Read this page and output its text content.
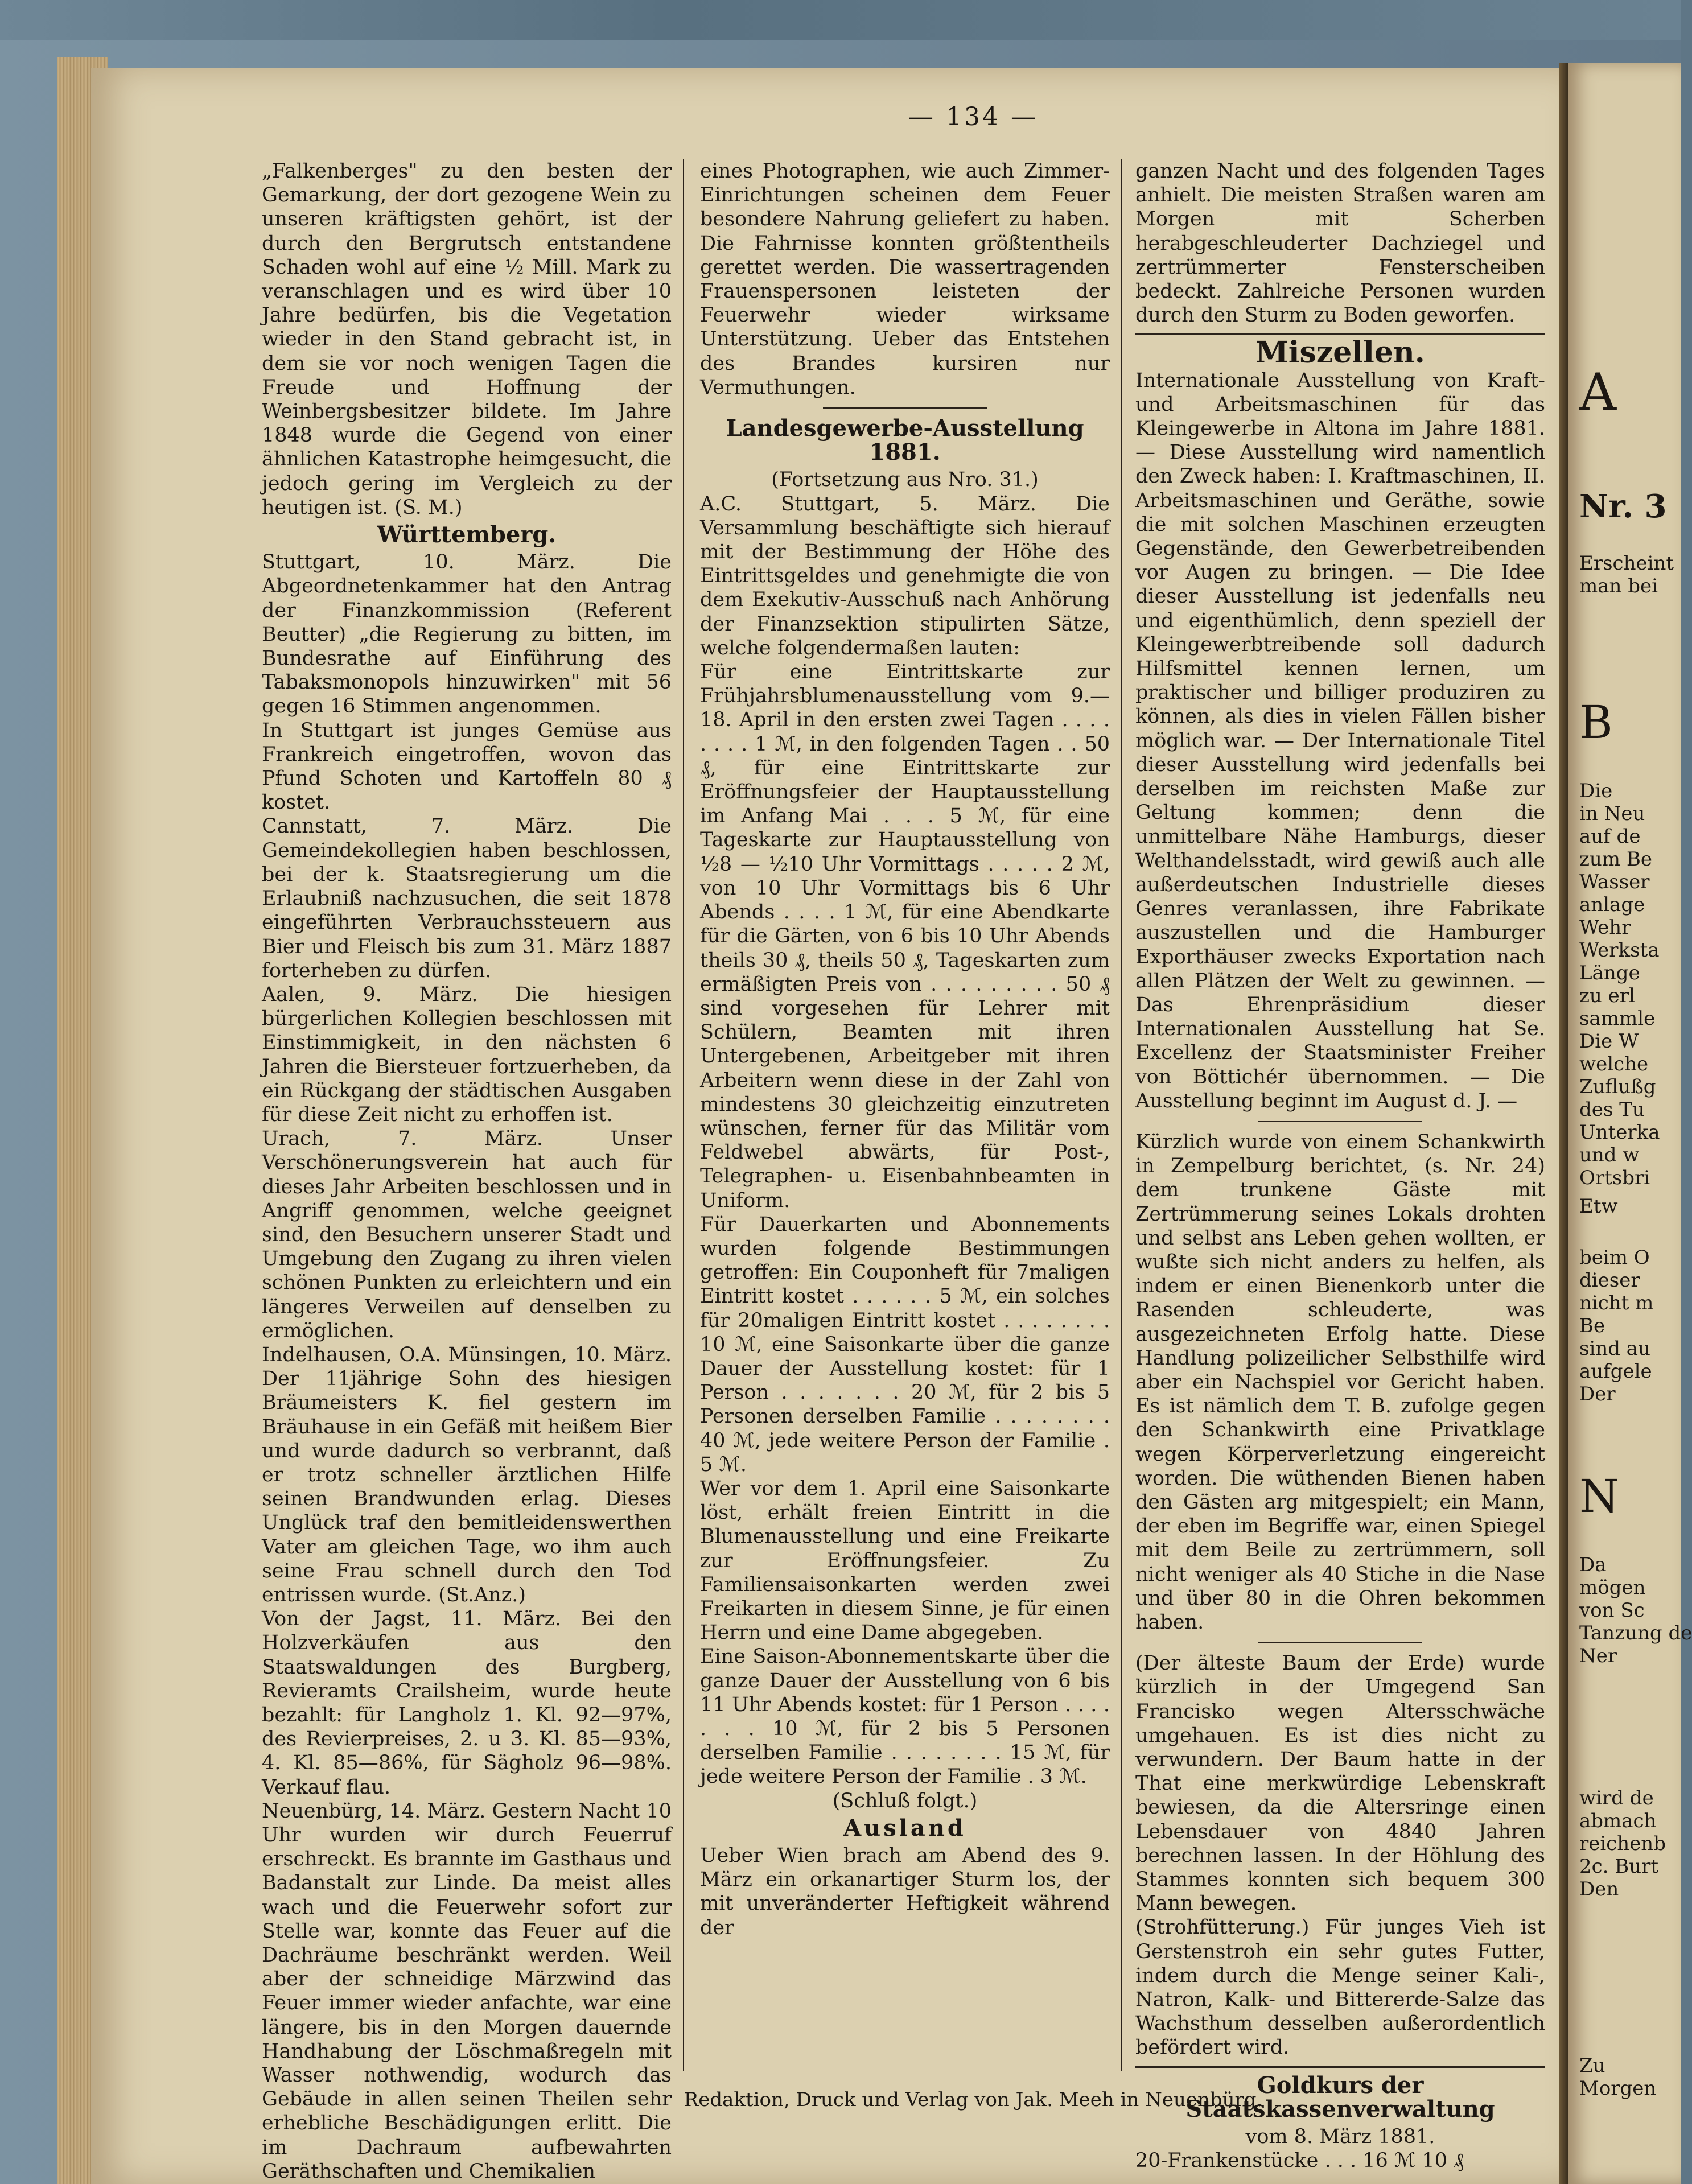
— 134 —

„Falkenberges" zu den besten der Gemarkung, der dort gezogene Wein zu unseren kräftigsten gehört, ist der durch den Bergrutsch entstandene Schaden wohl auf eine ½ Mill. Mark zu veranschlagen und es wird über 10 Jahre bedürfen, bis die Vegetation wieder in den Stand gebracht ist, in dem sie vor noch wenigen Tagen die Freude und Hoffnung der Weinbergsbesitzer bildete. Im Jahre 1848 wurde die Gegend von einer ähnlichen Katastrophe heimgesucht, die jedoch gering im Vergleich zu der heutigen ist. (S. M.)

Württemberg.

Stuttgart, 10. März. Die Abgeordnetenkammer hat den Antrag der Finanzkommission (Referent Beutter) „die Regierung zu bitten, im Bundesrathe auf Einführung des Tabaksmonopols hinzuwirken" mit 56 gegen 16 Stimmen angenommen.

In Stuttgart ist junges Gemüse aus Frankreich eingetroffen, wovon das Pfund Schoten und Kartoffeln 80 ₰ kostet.

Cannstatt, 7. März. Die Gemeindekollegien haben beschlossen, bei der k. Staatsregierung um die Erlaubniß nachzusuchen, die seit 1878 eingeführten Verbrauchssteuern aus Bier und Fleisch bis zum 31. März 1887 forterheben zu dürfen.

Aalen, 9. März. Die hiesigen bürgerlichen Kollegien beschlossen mit Einstimmigkeit, in den nächsten 6 Jahren die Biersteuer fortzuerheben, da ein Rückgang der städtischen Ausgaben für diese Zeit nicht zu erhoffen ist.

Urach, 7. März. Unser Verschönerungsverein hat auch für dieses Jahr Arbeiten beschlossen und in Angriff genommen, welche geeignet sind, den Besuchern unserer Stadt und Umgebung den Zugang zu ihren vielen schönen Punkten zu erleichtern und ein längeres Verweilen auf denselben zu ermöglichen.

Indelhausen, O.A. Münsingen, 10. März. Der 11jährige Sohn des hiesigen Bräumeisters K. fiel gestern im Bräuhause in ein Gefäß mit heißem Bier und wurde dadurch so verbrannt, daß er trotz schneller ärztlichen Hilfe seinen Brandwunden erlag. Dieses Unglück traf den bemitleidenswerthen Vater am gleichen Tage, wo ihm auch seine Frau schnell durch den Tod entrissen wurde. (St.Anz.)

Von der Jagst, 11. März. Bei den Holzverkäufen aus den Staatswaldungen des Burgberg, Revieramts Crailsheim, wurde heute bezahlt: für Langholz 1. Kl. 92—97%, des Revierpreises, 2. u 3. Kl. 85—93%, 4. Kl. 85—86%, für Sägholz 96—98%. Verkauf flau.

Neuenbürg, 14. März. Gestern Nacht 10 Uhr wurden wir durch Feuerruf erschreckt. Es brannte im Gasthaus und Badanstalt zur Linde. Da meist alles wach und die Feuerwehr sofort zur Stelle war, konnte das Feuer auf die Dachräume beschränkt werden. Weil aber der schneidige Märzwind das Feuer immer wieder anfachte, war eine längere, bis in den Morgen dauernde Handhabung der Löschmaßregeln mit Wasser nothwendig, wodurch das Gebäude in allen seinen Theilen sehr erhebliche Beschädigungen erlitt. Die im Dachraum aufbewahrten Geräthschaften und Chemikalien

eines Photographen, wie auch Zimmer-Einrichtungen scheinen dem Feuer besondere Nahrung geliefert zu haben. Die Fahrnisse konnten größtentheils gerettet werden. Die wassertragenden Frauenspersonen leisteten der Feuerwehr wieder wirksame Unterstützung. Ueber das Entstehen des Brandes kursiren nur Vermuthungen.

Landesgewerbe-Ausstellung 1881.

(Fortsetzung aus Nro. 31.)

A.C. Stuttgart, 5. März. Die Versammlung beschäftigte sich hierauf mit der Bestimmung der Höhe des Eintrittsgeldes und genehmigte die von dem Exekutiv-Ausschuß nach Anhörung der Finanzsektion stipulirten Sätze, welche folgendermaßen lauten:

Für eine Eintrittskarte zur Frühjahrsblumenausstellung vom 9.—18. April in den ersten zwei Tagen . . . . . . . . 1 ℳ, in den folgenden Tagen . . 50 ₰, für eine Eintrittskarte zur Eröffnungsfeier der Hauptausstellung im Anfang Mai . . . 5 ℳ, für eine Tageskarte zur Hauptausstellung von ½8 — ½10 Uhr Vormittags . . . . . 2 ℳ, von 10 Uhr Vormittags bis 6 Uhr Abends . . . . 1 ℳ, für eine Abendkarte für die Gärten, von 6 bis 10 Uhr Abends theils 30 ₰, theils 50 ₰, Tageskarten zum ermäßigten Preis von . . . . . . . . . 50 ₰ sind vorgesehen für Lehrer mit Schülern, Beamten mit ihren Untergebenen, Arbeitgeber mit ihren Arbeitern wenn diese in der Zahl von mindestens 30 gleichzeitig einzutreten wünschen, ferner für das Militär vom Feldwebel abwärts, für Post-, Telegraphen- u. Eisenbahnbeamten in Uniform.

Für Dauerkarten und Abonnements wurden folgende Bestimmungen getroffen: Ein Couponheft für 7maligen Eintritt kostet . . . . . . 5 ℳ, ein solches für 20maligen Eintritt kostet . . . . . . . . 10 ℳ, eine Saisonkarte über die ganze Dauer der Ausstellung kostet: für 1 Person . . . . . . . 20 ℳ, für 2 bis 5 Personen derselben Familie . . . . . . . . 40 ℳ, jede weitere Person der Familie . 5 ℳ.

Wer vor dem 1. April eine Saisonkarte löst, erhält freien Eintritt in die Blumenausstellung und eine Freikarte zur Eröffnungsfeier. Zu Familiensaisonkarten werden zwei Freikarten in diesem Sinne, je für einen Herrn und eine Dame abgegeben.

Eine Saison-Abonnementskarte über die ganze Dauer der Ausstellung von 6 bis 11 Uhr Abends kostet: für 1 Person . . . . . . . 10 ℳ, für 2 bis 5 Personen derselben Familie . . . . . . . . 15 ℳ, für jede weitere Person der Familie . 3 ℳ.

(Schluß folgt.)

Ausland

Ueber Wien brach am Abend des 9. März ein orkanartiger Sturm los, der mit unveränderter Heftigkeit während der

ganzen Nacht und des folgenden Tages anhielt. Die meisten Straßen waren am Morgen mit Scherben herabgeschleuderter Dachziegel und zertrümmerter Fensterscheiben bedeckt. Zahlreiche Personen wurden durch den Sturm zu Boden geworfen.

Miszellen.

Internationale Ausstellung von Kraft- und Arbeitsmaschinen für das Kleingewerbe in Altona im Jahre 1881. — Diese Ausstellung wird namentlich den Zweck haben: I. Kraftmaschinen, II. Arbeitsmaschinen und Geräthe, sowie die mit solchen Maschinen erzeugten Gegenstände, den Gewerbetreibenden vor Augen zu bringen. — Die Idee dieser Ausstellung ist jedenfalls neu und eigenthümlich, denn speziell der Kleingewerbtreibende soll dadurch Hilfsmittel kennen lernen, um praktischer und billiger produziren zu können, als dies in vielen Fällen bisher möglich war. — Der Internationale Titel dieser Ausstellung wird jedenfalls bei derselben im reichsten Maße zur Geltung kommen; denn die unmittelbare Nähe Hamburgs, dieser Welthandelsstadt, wird gewiß auch alle außerdeutschen Industrielle dieses Genres veranlassen, ihre Fabrikate auszustellen und die Hamburger Exporthäuser zwecks Exportation nach allen Plätzen der Welt zu gewinnen. — Das Ehrenpräsidium dieser Internationalen Ausstellung hat Se. Excellenz der Staatsminister Freiher von Böttichér übernommen. — Die Ausstellung beginnt im August d. J. —

Kürzlich wurde von einem Schankwirth in Zempelburg berichtet, (s. Nr. 24) dem trunkene Gäste mit Zertrümmerung seines Lokals drohten und selbst ans Leben gehen wollten, er wußte sich nicht anders zu helfen, als indem er einen Bienenkorb unter die Rasenden schleuderte, was ausgezeichneten Erfolg hatte. Diese Handlung polizeilicher Selbsthilfe wird aber ein Nachspiel vor Gericht haben. Es ist nämlich dem T. B. zufolge gegen den Schankwirth eine Privatklage wegen Körperverletzung eingereicht worden. Die wüthenden Bienen haben den Gästen arg mitgespielt; ein Mann, der eben im Begriffe war, einen Spiegel mit dem Beile zu zertrümmern, soll nicht weniger als 40 Stiche in die Nase und über 80 in die Ohren bekommen haben.

(Der älteste Baum der Erde) wurde kürzlich in der Umgegend San Francisko wegen Altersschwäche umgehauen. Es ist dies nicht zu verwundern. Der Baum hatte in der That eine merkwürdige Lebenskraft bewiesen, da die Altersringe einen Lebensdauer von 4840 Jahren berechnen lassen. In der Höhlung des Stammes konnten sich bequem 300 Mann bewegen.

(Strohfütterung.) Für junges Vieh ist Gerstenstroh ein sehr gutes Futter, indem durch die Menge seiner Kali-, Natron, Kalk- und Bittererde-Salze das Wachsthum desselben außerordentlich befördert wird.

Goldkurs der Staatskassenverwaltung

vom 8. März 1881.

20-Frankenstücke . . . 16 ℳ 10 ₰

Redaktion, Druck und Verlag von Jak. Meeh in Neuenbürg.
A
Nr. 3
Erscheint
man bei
B
Die
in Neu
auf de
zum Be
Wasser
anlage
Wehr
Werksta
Länge
zu erl
sammle
Die W
welche
Zuflußg
des Tu
Unterka
und w
Ortsbri
Etw
beim O
dieser
nicht m
Be
sind au
aufgele
Der
N
Da
mögen
von Sc
Tanzung de
Ner
wird de
abmach
reichenb
2c. Burt
Den
Zu
Morgen
